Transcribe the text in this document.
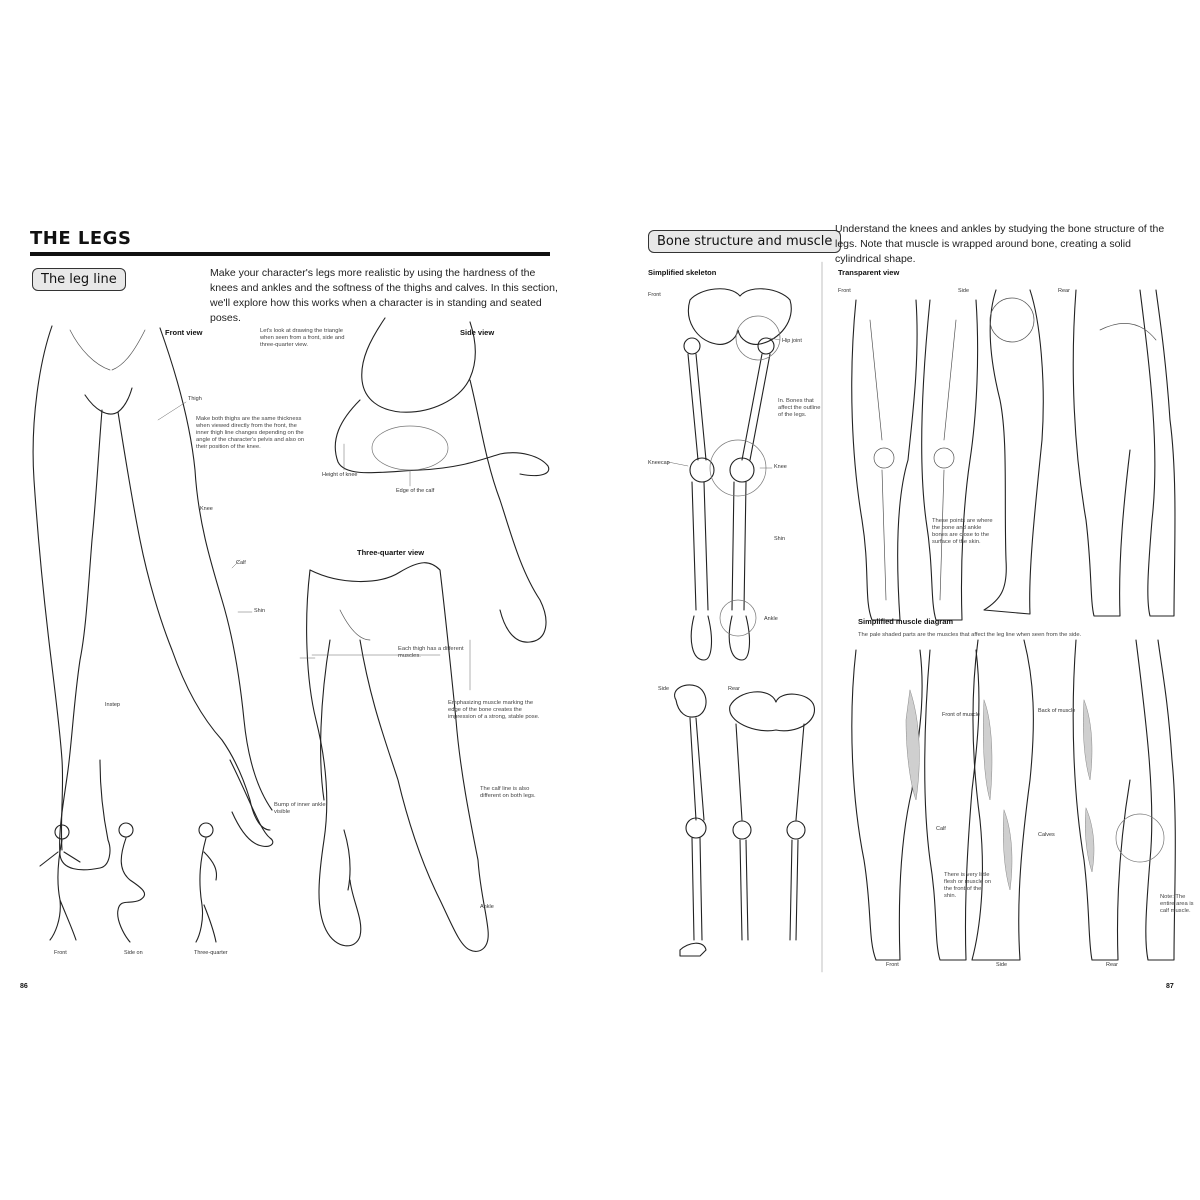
THE LEGS
The leg line	Make your character's legs more realistic by using the hardness of the knees and ankles and the softness of the thighs and calves. In this section, we'll explore how this works when a character is in standing and seated poses.
Front view	Side view
Three-quarter view
Let's look at drawing the triangle when seen from a front, side and three-quarter view.
Make both thighs are the same thickness when viewed directly from the front, the inner thigh line changes depending on the angle of the character's pelvis and also on their position of the knee.
Each thigh has a different muscles.
Emphasizing muscle marking the edge of the bone creates the impression of a strong, stable pose.
The calf line is also different on both legs.
Bump of inner ankle visible
Thigh
Knee
Calf
Shin
Instep
Height of knee
Edge of the calf
Ankle
Front	Side on	Three-quarter
86
Bone structure and muscle
Understand the knees and ankles by studying the bone structure of the legs. Note that muscle is wrapped around bone, creating a solid cylindrical shape.
Simplified skeleton	Transparent view
Simplified muscle diagram
The pale shaded parts are the muscles that affect the leg line when seen from the side.
Front
Hip joint
In. Bones that affect the outline of the legs.
Kneecap
Knee
Shin
Ankle
Side	Rear
Front	Side	Rear
These points are where the bone and ankle bones are close to the surface of the skin.
Front of muscle
Back of muscle
Calf
Calves
There is very little flesh or muscle on the front of the shin.	Note: The entire area is calf muscle.
Front	Side	Rear
87
